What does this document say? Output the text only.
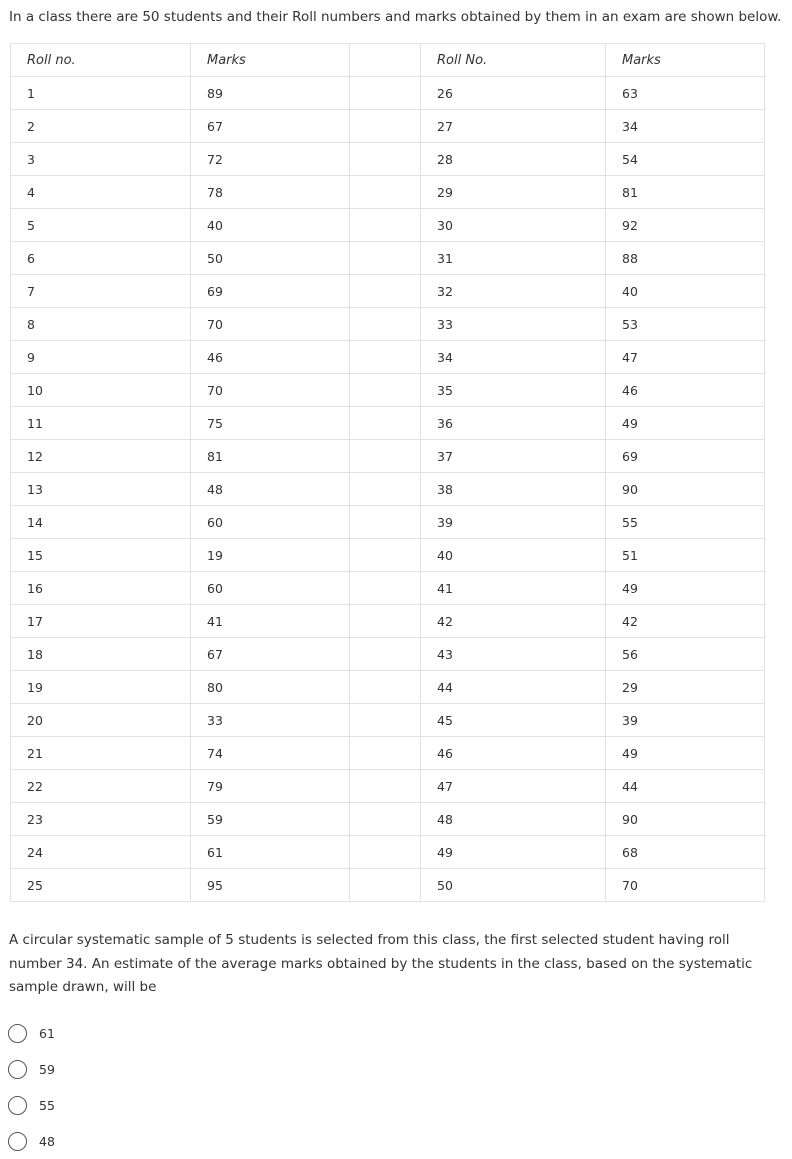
In a class there are 50 students and their Roll numbers and marks obtained by them in an exam are shown below.
Roll no.	Marks		Roll No.	Marks
1	89		26	63
2	67		27	34
3	72		28	54
4	78		29	81
5	40		30	92
6	50		31	88
7	69		32	40
8	70		33	53
9	46		34	47
10	70		35	46
11	75		36	49
12	81		37	69
13	48		38	90
14	60		39	55
15	19		40	51
16	60		41	49
17	41		42	42
18	67		43	56
19	80		44	29
20	33		45	39
21	74		46	49
22	79		47	44
23	59		48	90
24	61		49	68
25	95		50	70
A circular systematic sample of 5 students is selected from this class, the first selected student having roll number 34. An estimate of the average marks obtained by the students in the class, based on the systematic sample drawn, will be
61
59
55
48
